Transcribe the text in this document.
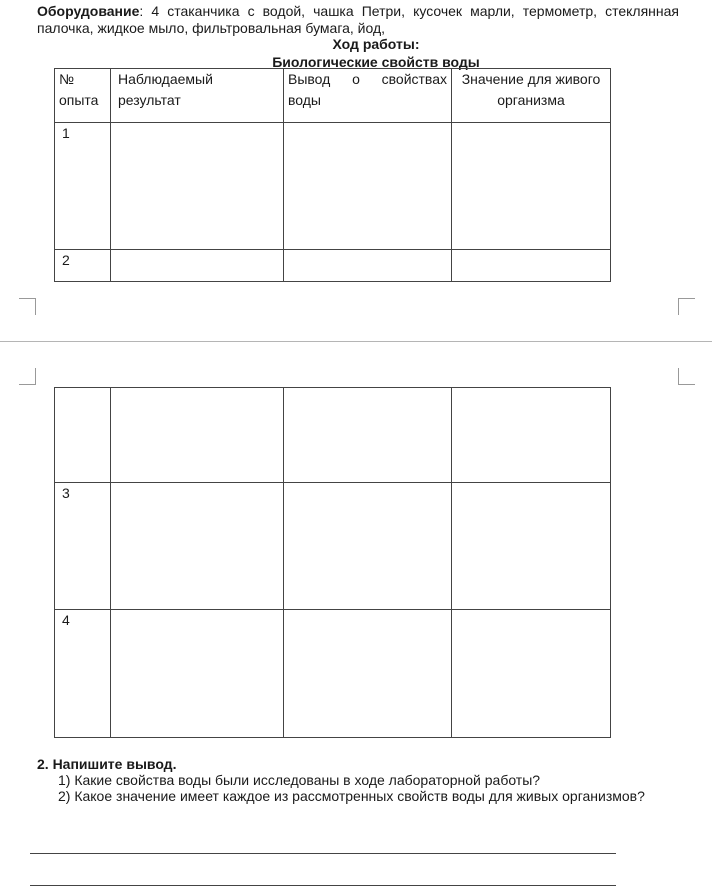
Оборудование: 4 стаканчика с водой, чашка Петри, кусочек марли, термометр, стеклянная палочка, жидкое мыло, фильтровальная бумага, йод,

Ход работы:

Биологические свойств воды

№ опыта	Наблюдаемый результат	Вывод о свойствах воды	Значение для живого организма
1			
2			

3			
4			
2. Напишите вывод.
1) Какие свойства воды были исследованы в ходе лабораторной работы?
2) Какое значение имеет каждое из рассмотренных свойств воды для живых организмов?
